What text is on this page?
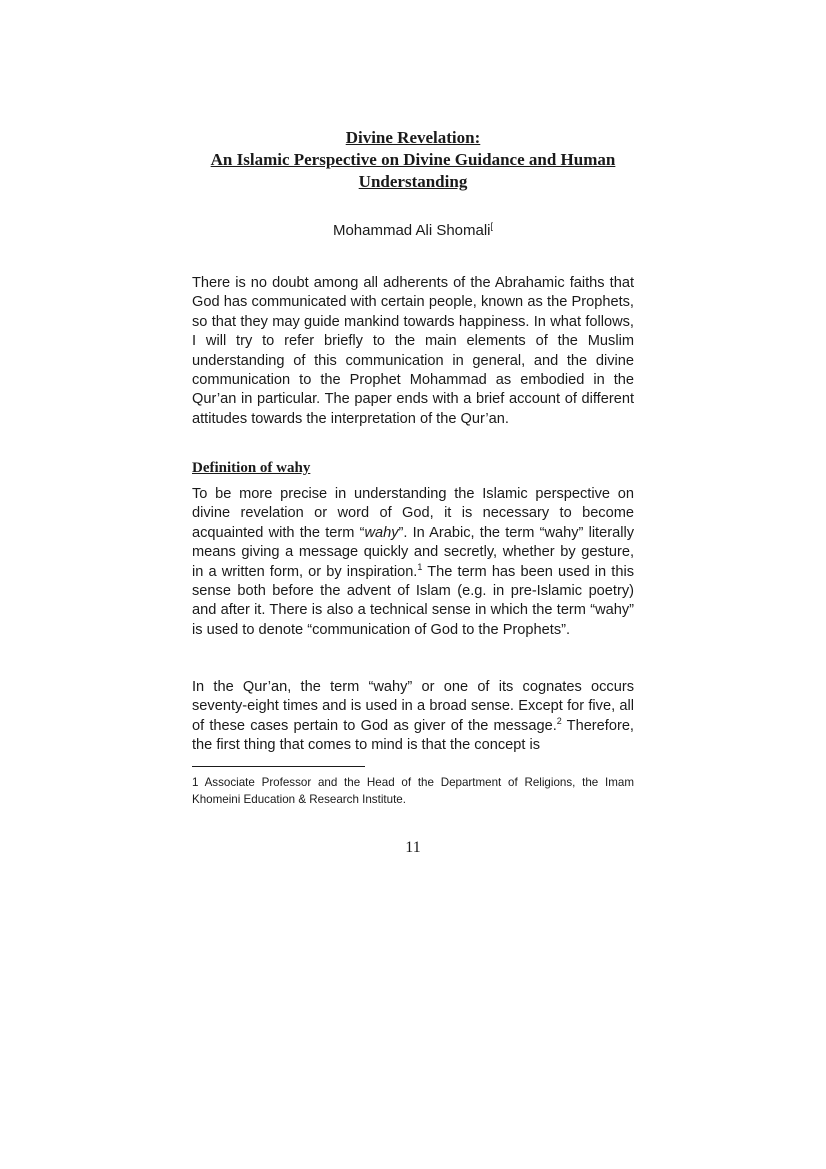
Divine Revelation:
An Islamic Perspective on Divine Guidance and Human
Understanding
Mohammad Ali Shomali[

There is no doubt among all adherents of the Abrahamic faiths that God has communicated with certain people, known as the Prophets, so that they may guide mankind towards happiness. In what follows, I will try to refer briefly to the main elements of the Muslim understanding of this communication in general, and the divine communication to the Prophet Mohammad as embodied in the Qur’an in particular. The paper ends with a brief account of different attitudes towards the interpretation of the Qur’an.

Definition of wahy

To be more precise in understanding the Islamic perspective on divine revelation or word of God, it is necessary to become acquainted with the term “wahy”. In Arabic, the term “wahy” literally means giving a message quickly and secretly, whether by gesture, in a written form, or by inspiration.$^1$ The term has been used in this sense both before the advent of Islam (e.g. in pre-Islamic poetry) and after it. There is also a technical sense in which the term “wahy” is used to denote “communication of God to the Prophets”.

In the Qur’an, the term “wahy” or one of its cognates occurs seventy-eight times and is used in a broad sense. Except for five, all of these cases pertain to God as giver of the message.$^2$ Therefore, the first thing that comes to mind is that the concept is

1 Associate Professor and the Head of the Department of Religions, the Imam Khomeini Education & Research Institute.

11
